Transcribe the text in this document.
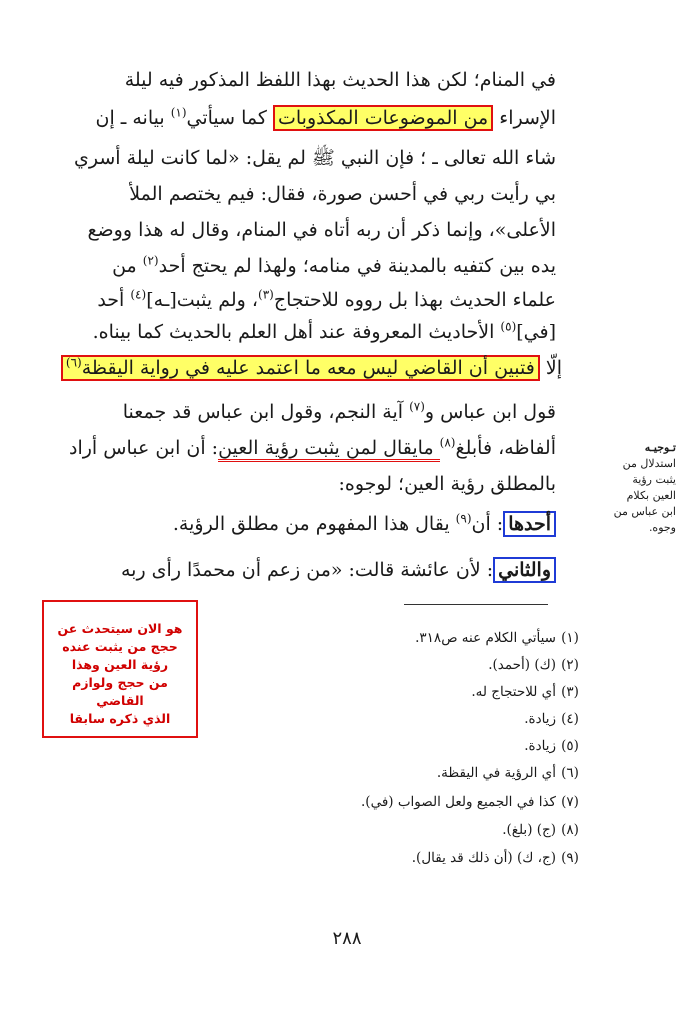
في المنام؛ لكن هذا الحديث بهذا اللفظ المذكور فيه ليلة
الإسراء من الموضوعات المكذوبات كما سيأتي$^{(١)}$ بيانه ـ إن
شاء الله تعالى ـ ؛ فإن النبي ﷺ لم يقل: «لما كانت ليلة أسري
بي رأيت ربي في أحسن صورة، فقال: فيم يختصم الملأ
الأعلى»، وإنما ذكر أن ربه أتاه في المنام، وقال له هذا ووضع
يده بين كتفيه بالمدينة في منامه؛ ولهذا لم يحتج أحد$^{(٢)}$ من
علماء الحديث بهذا بل رووه للاحتجاج$^{(٣)}$، ولم يثبت[ـه]$^{(٤)}$ أحد
[في]$^{(٥)}$ الأحاديث المعروفة عند أهل العلم بالحديث كما بيناه.
إلّا فتبين أن القاضي ليس معه ما اعتمد عليه في رواية اليقظة$^{(٦)}$
قول ابن عباس و$^{(٧)}$ آية النجم، وقول ابن عباس قد جمعنا
ألفاظه، فأبلغ$^{(٨)}$ مايقال لمن يثبت رؤية العين: أن ابن عباس أراد
بالمطلق رؤية العين؛ لوجوه:
أحدها: أن$^{(٩)}$ يقال هذا المفهوم من مطلق الرؤية.
والثاني: لأن عائشة قالت: «من زعم أن محمدًا رأى ربه
تـوجيـه
استدلال من
يثبت رؤية
العين بكلام
ابن عباس من
وجوه.
هو الان سيتحدث عن
حجج من يثبت عنده
رؤية العين وهذا
من حجج ولوازم
القاضي
الذي ذكره سابقا
(١)سيأتي الكلام عنه ص٣١٨.
(٢)(ك) (أحمد).
(٣)أي للاحتجاج له.
(٤)زيادة.
(٥)زيادة.
(٦)أي الرؤية في اليقظة.
(٧)كذا في الجميع ولعل الصواب (في).
(٨)(ج) (بلغ).
(٩)(ج، ك) (أن ذلك قد يقال).
٢٨٨
